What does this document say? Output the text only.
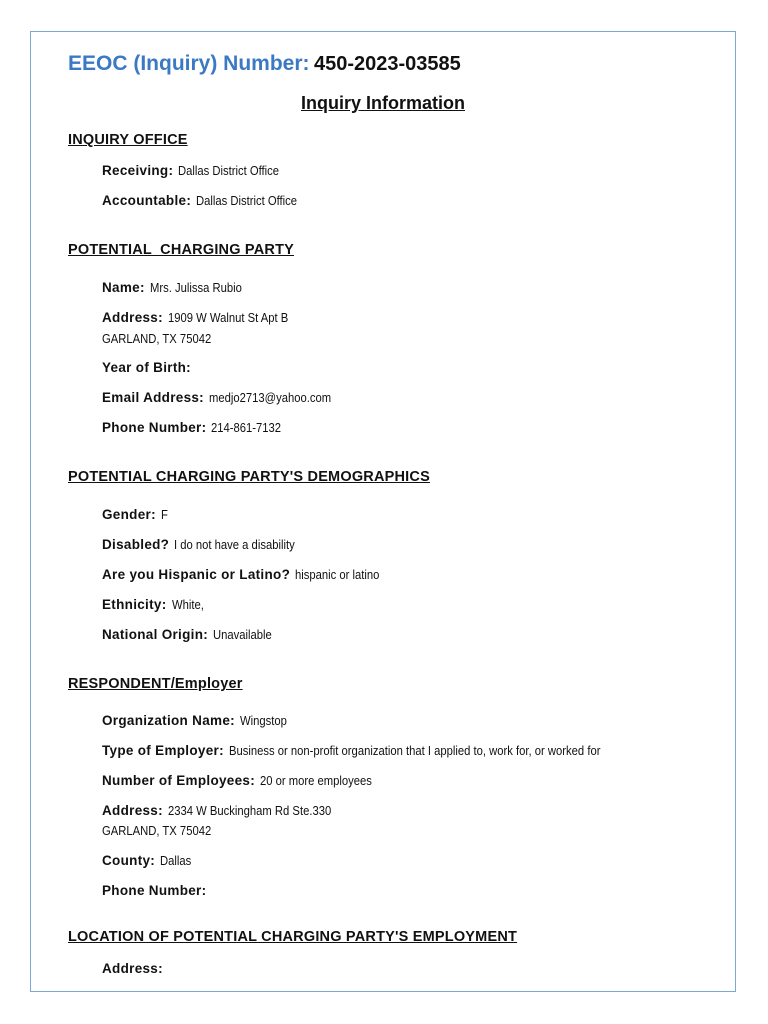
EEOC (Inquiry) Number: 450-2023-03585
Inquiry Information
INQUIRY OFFICE
Receiving: Dallas District Office
Accountable: Dallas District Office
POTENTIAL  CHARGING PARTY
Name: Mrs. Julissa Rubio
Address: 1909 W Walnut St Apt B
GARLAND, TX 75042
Year of Birth:
Email Address: medjo2713@yahoo.com
Phone Number: 214-861-7132
POTENTIAL CHARGING PARTY'S DEMOGRAPHICS
Gender: F
Disabled? I do not have a disability
Are you Hispanic or Latino? hispanic or latino
Ethnicity: White,
National Origin: Unavailable
RESPONDENT/Employer
Organization Name: Wingstop
Type of Employer: Business or non-profit organization that I applied to, work for, or worked for
Number of Employees: 20 or more employees
Address: 2334 W Buckingham Rd Ste.330
GARLAND, TX 75042
County: Dallas
Phone Number:
LOCATION OF POTENTIAL CHARGING PARTY'S EMPLOYMENT
Address:
